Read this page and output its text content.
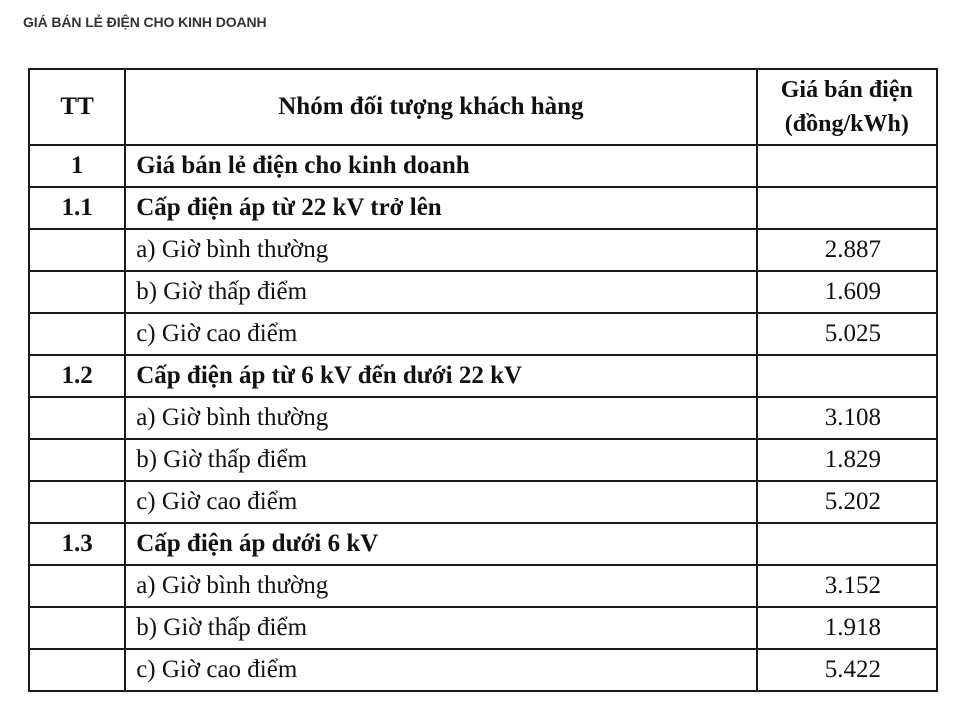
GIÁ BÁN LẺ ĐIỆN CHO KINH DOANH
TT	Nhóm đối tượng khách hàng	Giá bán điện
(đồng/kWh)

1	Giá bán lẻ điện cho kinh doanh	
1.1	Cấp điện áp từ 22 kV trở lên	
	a) Giờ bình thường	2.887
	b) Giờ thấp điểm	1.609
	c) Giờ cao điểm	5.025
1.2	Cấp điện áp từ 6 kV đến dưới 22 kV	
	a) Giờ bình thường	3.108
	b) Giờ thấp điểm	1.829
	c) Giờ cao điểm	5.202
1.3	Cấp điện áp dưới 6 kV	
	a) Giờ bình thường	3.152
	b) Giờ thấp điểm	1.918
	c) Giờ cao điểm	5.422
